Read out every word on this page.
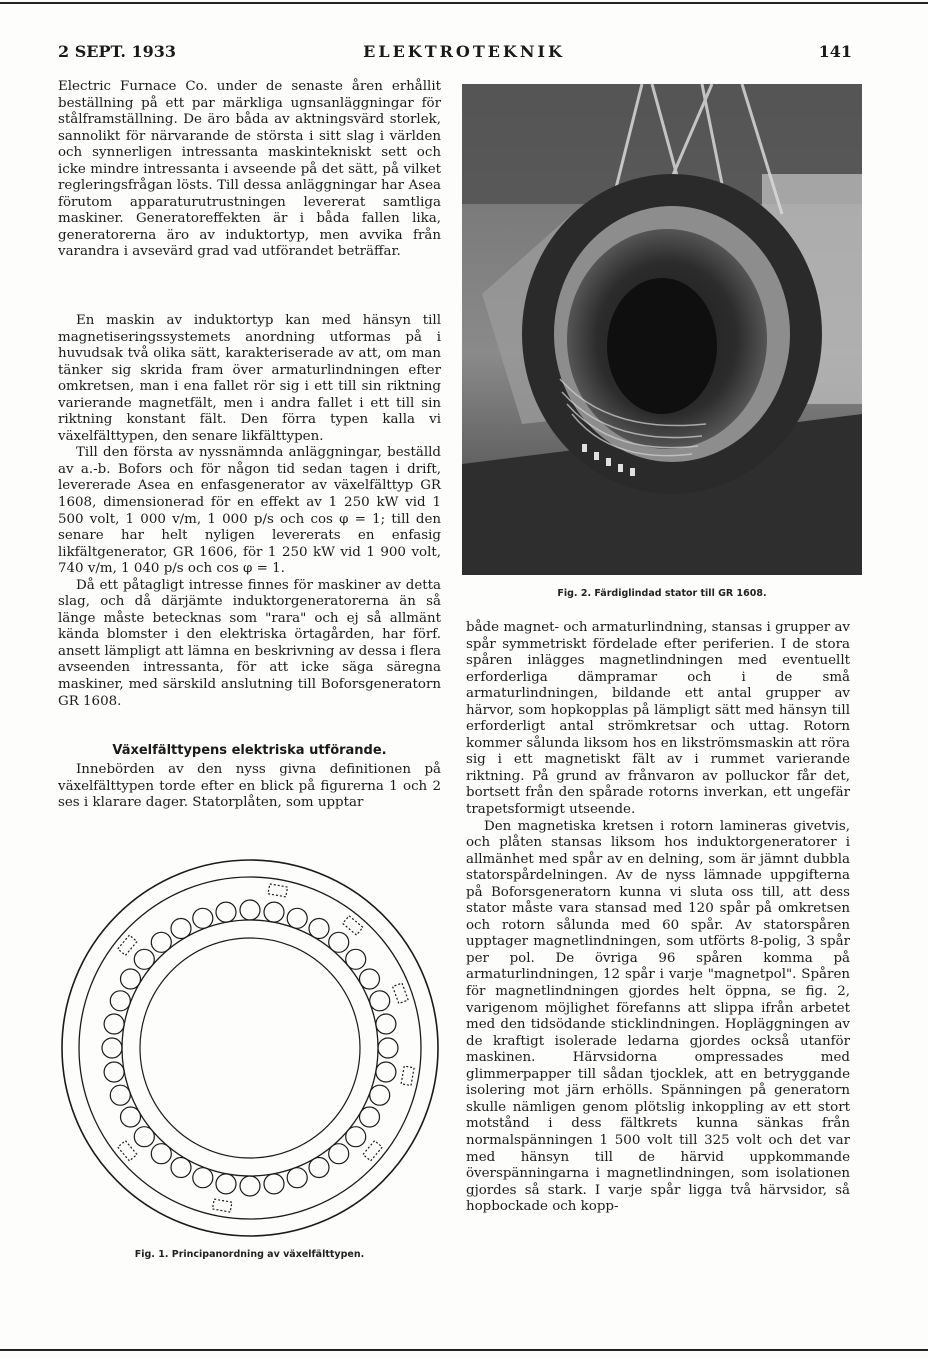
ELEKTROTEKNIK
2 SEPT. 1933	141

Electric Furnace Co. under de senaste åren erhållit beställning på ett par märkliga ugnsanläggningar för stålframställning. De äro båda av aktningsvärd storlek, sannolikt för närvarande de största i sitt slag i världen och synnerligen intressanta maskintekniskt sett och icke mindre intressanta i avseende på det sätt, på vilket regleringsfrågan lösts. Till dessa anläggningar har Asea förutom apparaturutrustningen levererat samtliga maskiner. Generatoreffekten är i båda fallen lika, generatorerna äro av induktortyp, men avvika från varandra i avsevärd grad vad utförandet beträffar.

En maskin av induktortyp kan med hänsyn till magnetiseringssystemets anordning utformas på i huvudsak två olika sätt, karakteriserade av att, om man tänker sig skrida fram över armaturlindningen efter omkretsen, man i ena fallet rör sig i ett till sin riktning varierande magnetfält, men i andra fallet i ett till sin riktning konstant fält. Den förra typen kalla vi växelfälttypen, den senare likfälttypen.

Till den första av nyssnämnda anläggningar, beställd av a.-b. Bofors och för någon tid sedan tagen i drift, levererade Asea en enfasgenerator av växelfälttyp GR 1608, dimensionerad för en effekt av 1 250 kW vid 1 500 volt, 1 000 v/m, 1 000 p/s och cos φ = 1; till den senare har helt nyligen levererats en enfasig likfältgenerator, GR 1606, för 1 250 kW vid 1 900 volt, 740 v/m, 1 040 p/s och cos φ = 1.

Då ett påtagligt intresse finnes för maskiner av detta slag, och då därjämte induktorgeneratorerna än så länge måste betecknas som "rara" och ej så allmänt kända blomster i den elektriska örtagården, har förf. ansett lämpligt att lämna en beskrivning av dessa i flera avseenden intressanta, för att icke säga säregna maskiner, med särskild anslutning till Boforsgeneratorn GR 1608.

Växelfälttypens elektriska utförande.

Innebörden av den nyss givna definitionen på växelfälttypen torde efter en blick på figurerna 1 och 2 ses i klarare dager. Statorplåten, som upptar

Fig. 1. Principanordning av växelfälttypen.
Fig. 2. Färdiglindad stator till GR 1608.

både magnet- och armaturlindning, stansas i grupper av spår symmetriskt fördelade efter periferien. I de stora spåren inlägges magnetlindningen med eventuellt erforderliga dämpramar och i de små armaturlindningen, bildande ett antal grupper av härvor, som hopkopplas på lämpligt sätt med hänsyn till erforderligt antal strömkretsar och uttag. Rotorn kommer sålunda liksom hos en likströmsmaskin att röra sig i ett magnetiskt fält av i rummet varierande riktning. På grund av frånvaron av polluckor får det, bortsett från den spårade rotorns inverkan, ett ungefär trapetsformigt utseende.

Den magnetiska kretsen i rotorn lamineras givetvis, och plåten stansas liksom hos induktorgeneratorer i allmänhet med spår av en delning, som är jämnt dubbla statorspårdelningen. Av de nyss lämnade uppgifterna på Boforsgeneratorn kunna vi sluta oss till, att dess stator måste vara stansad med 120 spår på omkretsen och rotorn sålunda med 60 spår. Av statorspåren upptager magnetlindningen, som utförts 8-polig, 3 spår per pol. De övriga 96 spåren komma på armaturlindningen, 12 spår i varje "magnetpol". Spåren för magnetlindningen gjordes helt öppna, se fig. 2, varigenom möjlighet förefanns att slippa ifrån arbetet med den tidsödande sticklindningen. Hopläggningen av de kraftigt isolerade ledarna gjordes också utanför maskinen. Härvsidorna ompressades med glimmerpapper till sådan tjocklek, att en betryggande isolering mot järn erhölls. Spänningen på generatorn skulle nämligen genom plötslig inkoppling av ett stort motstånd i dess fältkrets kunna sänkas från normalspänningen 1 500 volt till 325 volt och det var med hänsyn till de härvid uppkommande överspänningarna i magnetlindningen, som isolationen gjordes så stark. I varje spår ligga två härvsidor, så hopbockade och kopp-
